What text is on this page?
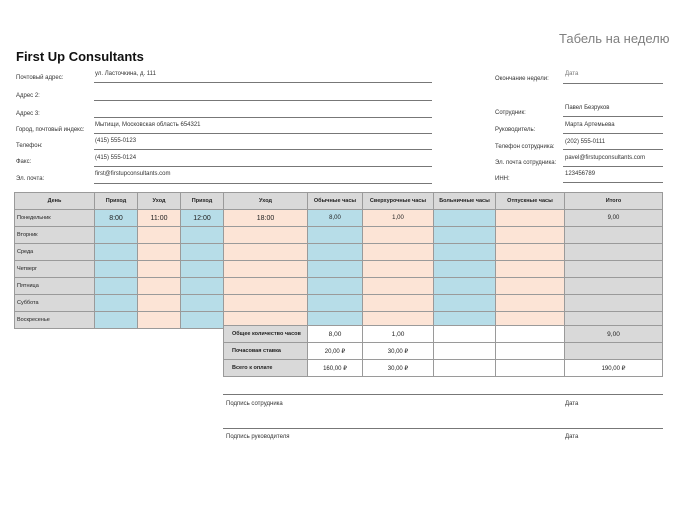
Табель на неделю
First Up Consultants
Почтовый адрес:
ул. Ласточкина, д. 111
Адрес 2:
Адрес 3:
Город, почтовый индекс:
Мытищи, Московская область 654321
Телефон:
(415) 555-0123
Факс:
(415) 555-0124
Эл. почта:
first@firstupconsultants.com
Окончание недели:
Дата
Сотрудник:
Павел Безруков
Руководитель:
Марта Артемьева
Телефон сотрудника:
(202) 555-0111
Эл. почта сотрудника:
pavel@firstupconsultants.com
ИНН:
123456789
День	Приход	Уход	Приход	Уход	Обычные часы	Сверхурочные часы	Больничные часы	Отпускные часы	Итого
Понедельник	8:00	11:00	12:00	18:00	8,00	1,00			9,00
Вторник									
Среда									
Четверг									
Пятница									
Суббота									
Воскресенье									
Общее количество часов	8,00	1,00			9,00
Почасовая ставка	20,00 ₽	30,00 ₽			
Всего к оплате	160,00 ₽	30,00 ₽			190,00 ₽
Подпись сотрудника	Дата
Подпись руководителя	Дата
